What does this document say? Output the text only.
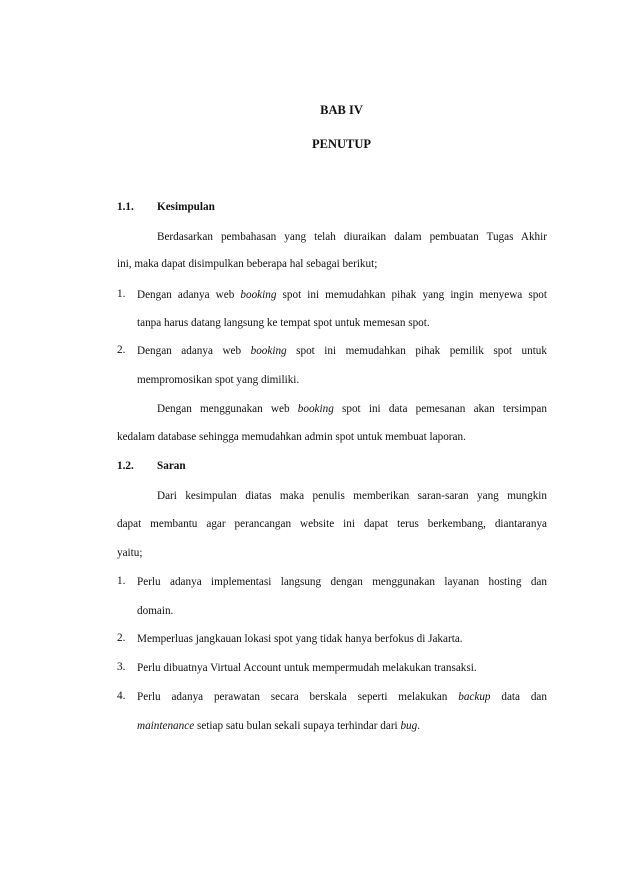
BAB IV

PENUTUP

1.1. Kesimpulan

Berdasarkan pembahasan yang telah diuraikan dalam pembuatan Tugas Akhir

ini, maka dapat disimpulkan beberapa hal sebagai berikut;

1. Dengan adanya web booking spot ini memudahkan pihak yang ingin menyewa spot

tanpa harus datang langsung ke tempat spot untuk memesan spot.

2. Dengan adanya web booking spot ini memudahkan pihak pemilik spot untuk

mempromosikan spot yang dimiliki.

Dengan menggunakan web booking spot ini data pemesanan akan tersimpan

kedalam database sehingga memudahkan admin spot untuk membuat laporan.

1.2. Saran

Dari kesimpulan diatas maka penulis memberikan saran-saran yang mungkin

dapat membantu agar perancangan website ini dapat terus berkembang, diantaranya

yaitu;

1. Perlu adanya implementasi langsung dengan menggunakan layanan hosting dan

domain.

2. Memperluas jangkauan lokasi spot yang tidak hanya berfokus di Jakarta.

3. Perlu dibuatnya Virtual Account untuk mempermudah melakukan transaksi.

4. Perlu adanya perawatan secara berskala seperti melakukan backup data dan

maintenance setiap satu bulan sekali supaya terhindar dari bug.
